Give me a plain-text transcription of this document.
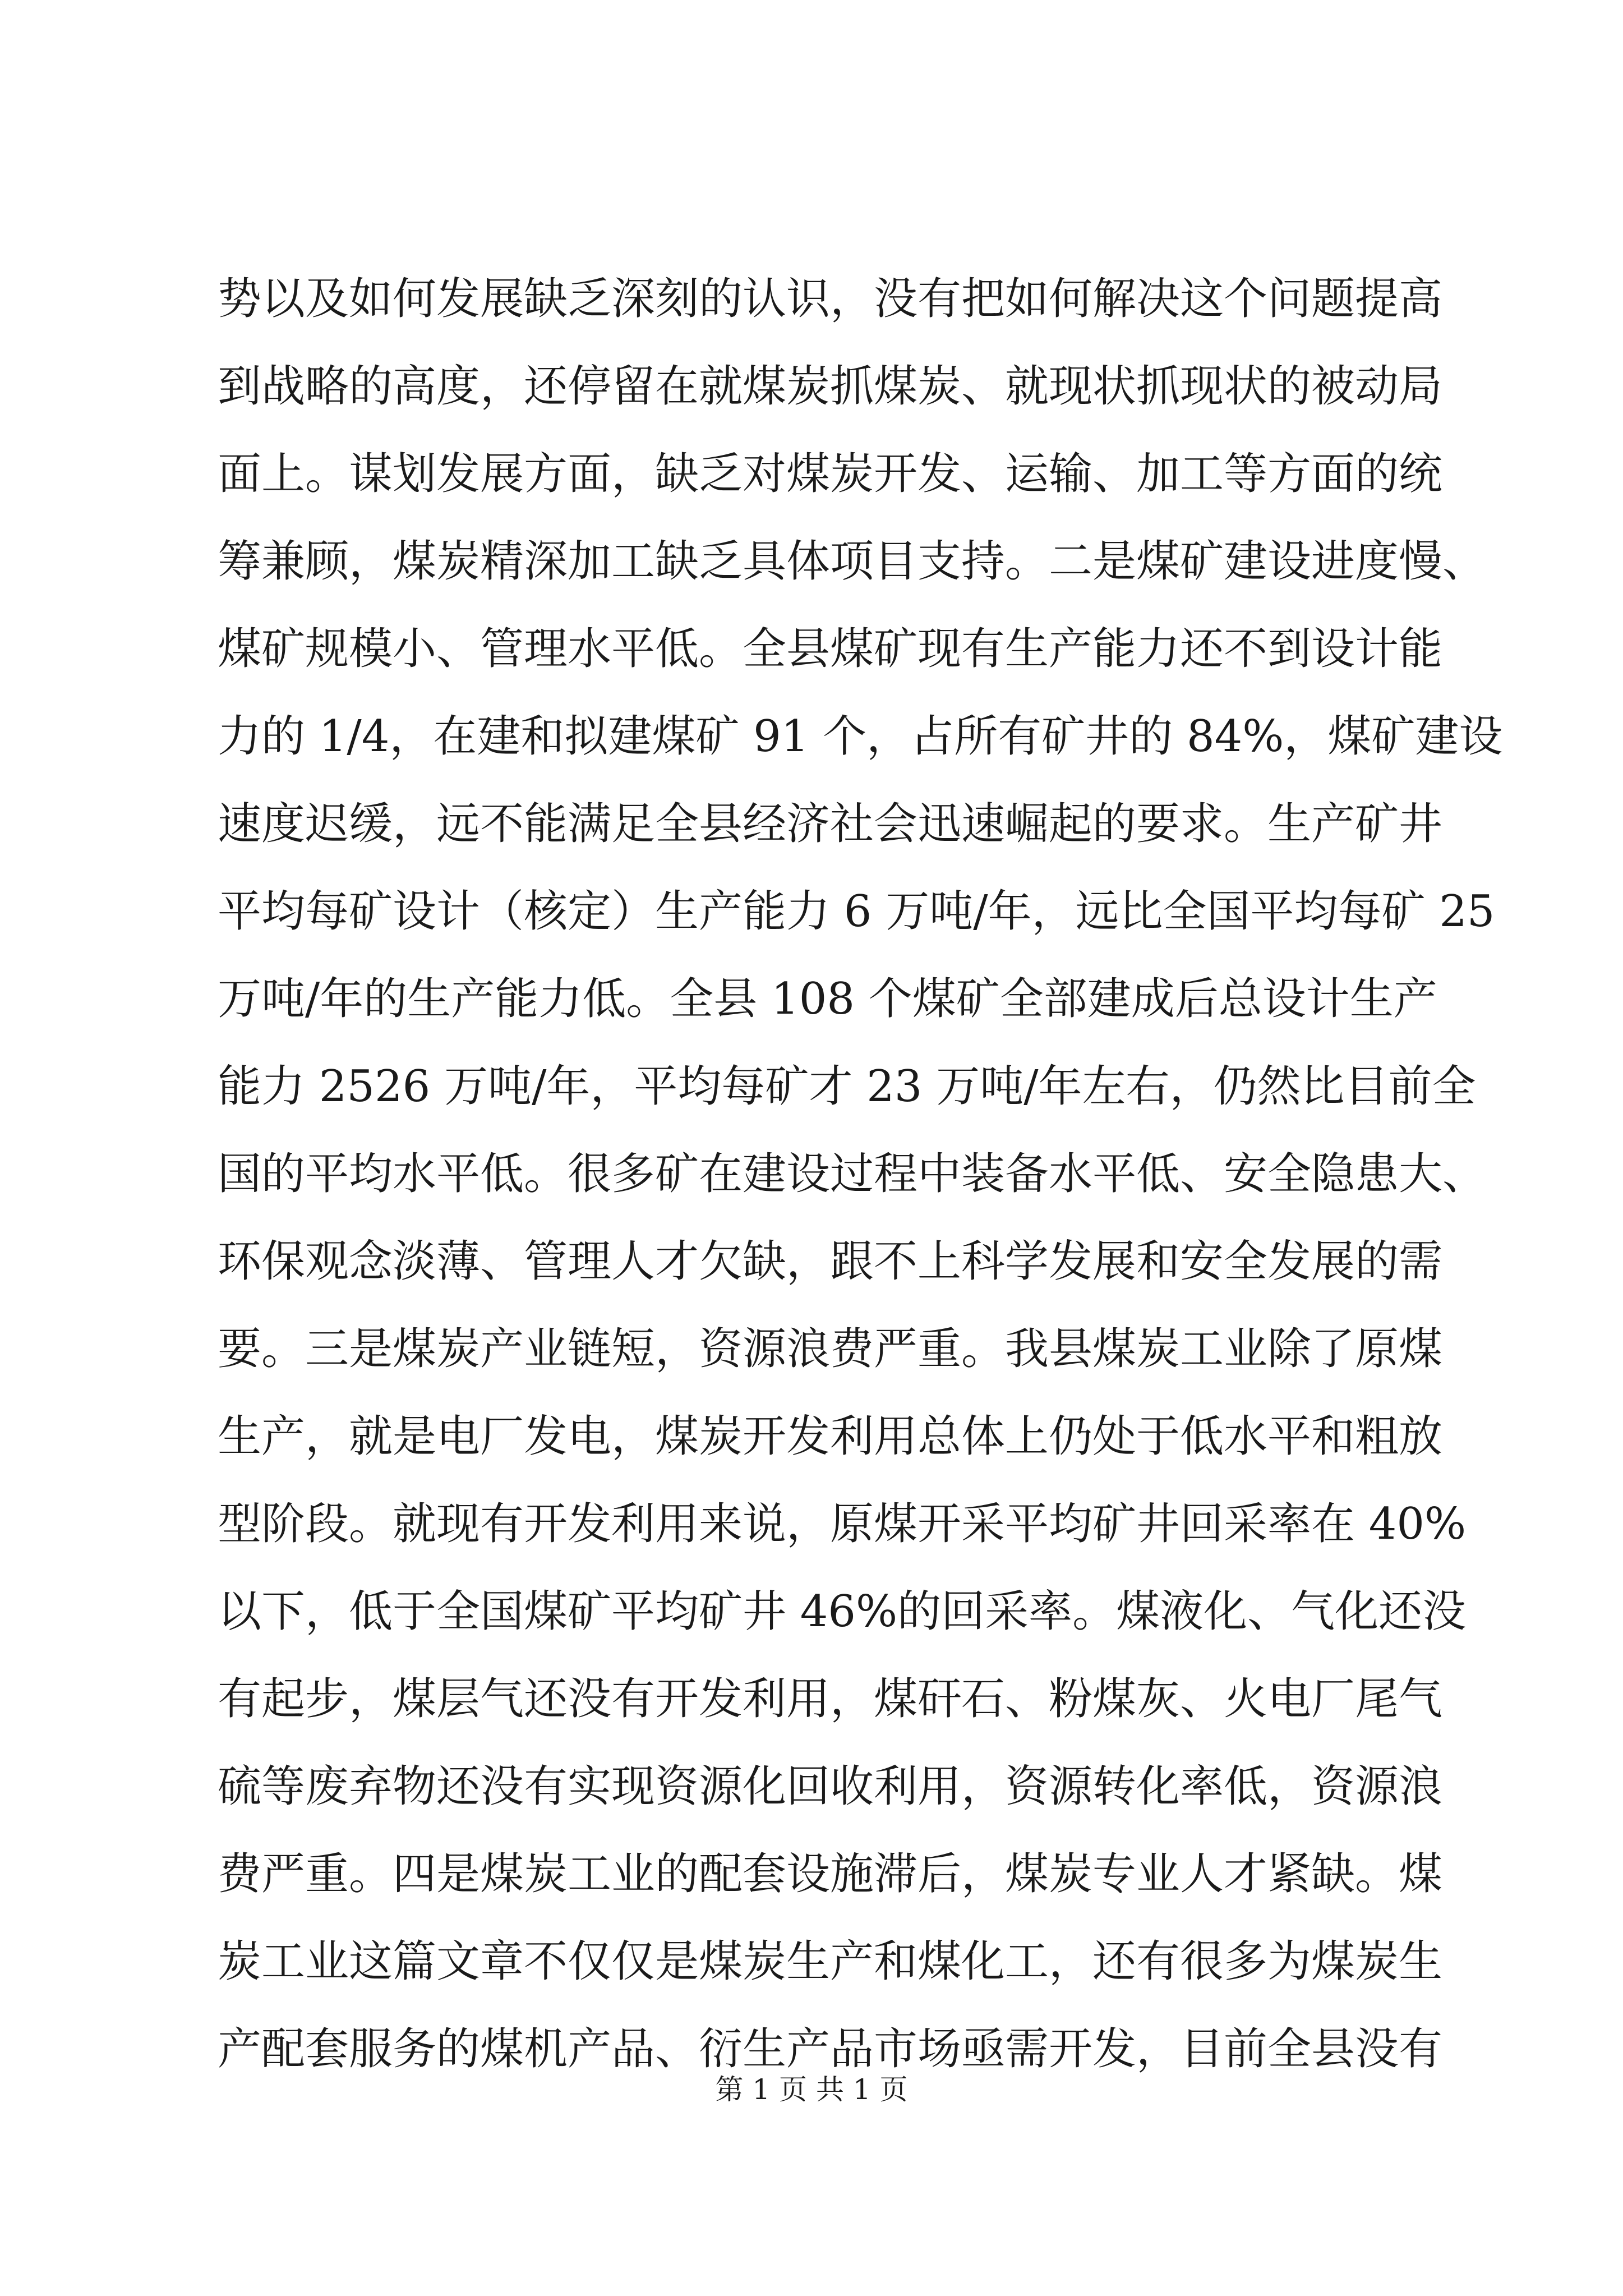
势以及如何发展缺乏深刻的认识，没有把如何解决这个问题提高
到战略的高度，还停留在就煤炭抓煤炭、就现状抓现状的被动局
面上。谋划发展方面，缺乏对煤炭开发、运输、加工等方面的统
筹兼顾，煤炭精深加工缺乏具体项目支持。二是煤矿建设进度慢、
煤矿规模小、管理水平低。全县煤矿现有生产能力还不到设计能
力的 1/4，在建和拟建煤矿 91 个，占所有矿井的 84%，煤矿建设
速度迟缓，远不能满足全县经济社会迅速崛起的要求。生产矿井
平均每矿设计（核定）生产能力 6 万吨/年，远比全国平均每矿 25
万吨/年的生产能力低。全县 108 个煤矿全部建成后总设计生产
能力 2526 万吨/年，平均每矿才 23 万吨/年左右，仍然比目前全
国的平均水平低。很多矿在建设过程中装备水平低、安全隐患大、
环保观念淡薄、管理人才欠缺，跟不上科学发展和安全发展的需
要。三是煤炭产业链短，资源浪费严重。我县煤炭工业除了原煤
生产，就是电厂发电，煤炭开发利用总体上仍处于低水平和粗放
型阶段。就现有开发利用来说，原煤开采平均矿井回采率在 40%
以下，低于全国煤矿平均矿井 46%的回采率。煤液化、气化还没
有起步，煤层气还没有开发利用，煤矸石、粉煤灰、火电厂尾气
硫等废弃物还没有实现资源化回收利用，资源转化率低，资源浪
费严重。四是煤炭工业的配套设施滞后，煤炭专业人才紧缺。煤
炭工业这篇文章不仅仅是煤炭生产和煤化工，还有很多为煤炭生
产配套服务的煤机产品、衍生产品市场亟需开发，目前全县没有
第 1 页 共 1 页
